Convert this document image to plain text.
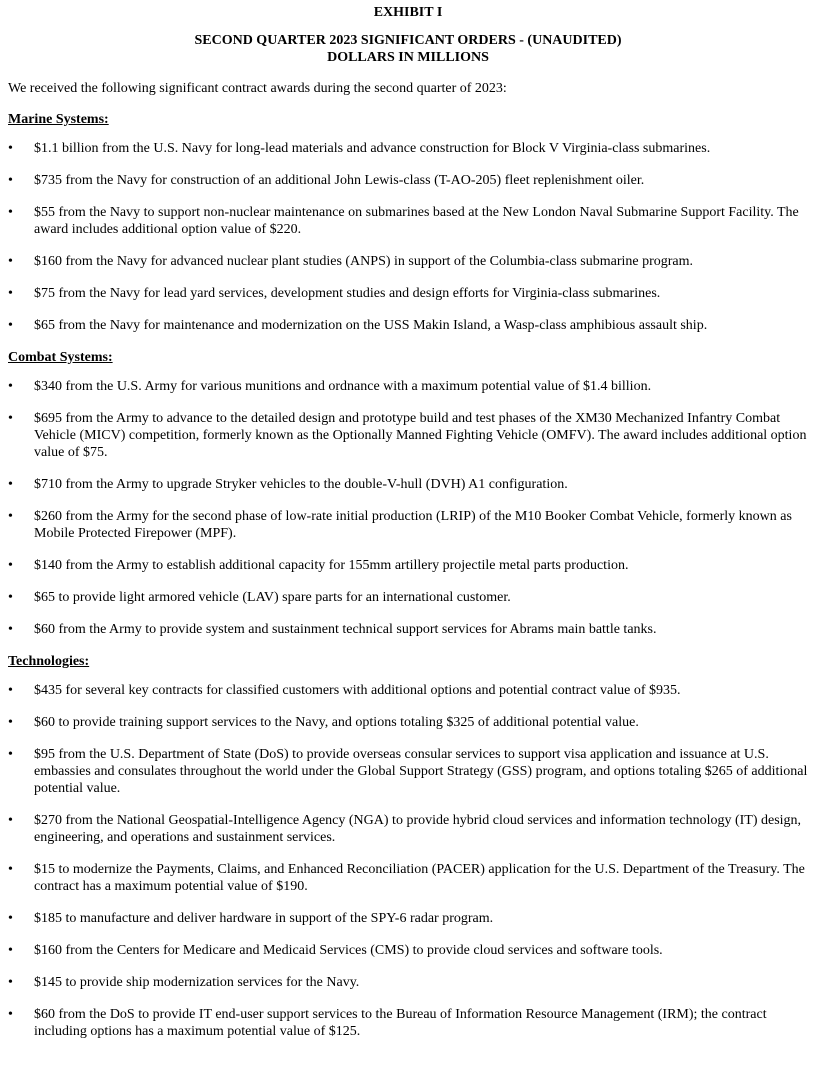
EXHIBIT I
SECOND QUARTER 2023 SIGNIFICANT ORDERS - (UNAUDITED)
DOLLARS IN MILLIONS

We received the following significant contract awards during the second quarter of 2023:

Marine Systems:
•	$1.1 billion from the U.S. Navy for long-lead materials and advance construction for Block V Virginia-class submarines.
•	$735 from the Navy for construction of an additional John Lewis-class (T-AO-205) fleet replenishment oiler.
•	$55 from the Navy to support non-nuclear maintenance on submarines based at the New London Naval Submarine Support Facility. The award includes additional option value of $220.
•	$160 from the Navy for advanced nuclear plant studies (ANPS) in support of the Columbia-class submarine program.
•	$75 from the Navy for lead yard services, development studies and design efforts for Virginia-class submarines.
•	$65 from the Navy for maintenance and modernization on the USS Makin Island, a Wasp-class amphibious assault ship.
Combat Systems:
•	$340 from the U.S. Army for various munitions and ordnance with a maximum potential value of $1.4 billion.
•	$695 from the Army to advance to the detailed design and prototype build and test phases of the XM30 Mechanized Infantry Combat Vehicle (MICV) competition, formerly known as the Optionally Manned Fighting Vehicle (OMFV). The award includes additional option value of $75.
•	$710 from the Army to upgrade Stryker vehicles to the double-V-hull (DVH) A1 configuration.
•	$260 from the Army for the second phase of low-rate initial production (LRIP) of the M10 Booker Combat Vehicle, formerly known as Mobile Protected Firepower (MPF).
•	$140 from the Army to establish additional capacity for 155mm artillery projectile metal parts production.
•	$65 to provide light armored vehicle (LAV) spare parts for an international customer.
•	$60 from the Army to provide system and sustainment technical support services for Abrams main battle tanks.
Technologies:
•	$435 for several key contracts for classified customers with additional options and potential contract value of $935.
•	$60 to provide training support services to the Navy, and options totaling $325 of additional potential value.
•	$95 from the U.S. Department of State (DoS) to provide overseas consular services to support visa application and issuance at U.S. embassies and consulates throughout the world under the Global Support Strategy (GSS) program, and options totaling $265 of additional potential value.
•	$270 from the National Geospatial-Intelligence Agency (NGA) to provide hybrid cloud services and information technology (IT) design, engineering, and operations and sustainment services.
•	$15 to modernize the Payments, Claims, and Enhanced Reconciliation (PACER) application for the U.S. Department of the Treasury. The contract has a maximum potential value of $190.
•	$185 to manufacture and deliver hardware in support of the SPY-6 radar program.
•	$160 from the Centers for Medicare and Medicaid Services (CMS) to provide cloud services and software tools.
•	$145 to provide ship modernization services for the Navy.
•	$60 from the DoS to provide IT end-user support services to the Bureau of Information Resource Management (IRM); the contract including options has a maximum potential value of $125.
